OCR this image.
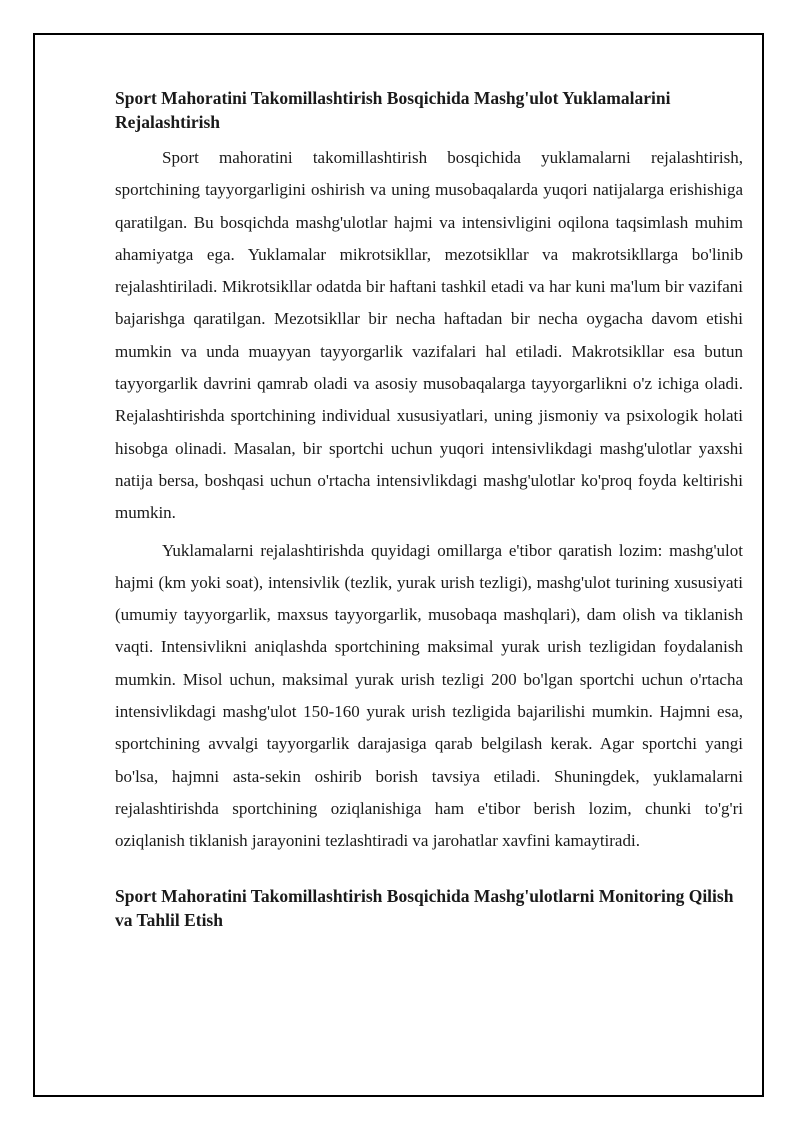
Sport Mahoratini Takomillashtirish Bosqichida Mashg'ulot Yuklamalarini Rejalashtirish

Sport mahoratini takomillashtirish bosqichida yuklamalarni rejalashtirish, sportchining tayyorgarligini oshirish va uning musobaqalarda yuqori natijalarga erishishiga qaratilgan. Bu bosqichda mashg'ulotlar hajmi va intensivligini oqilona taqsimlash muhim ahamiyatga ega. Yuklamalar mikrotsikllar, mezotsikllar va makrotsikllarga bo'linib rejalashtiriladi. Mikrotsikllar odatda bir haftani tashkil etadi va har kuni ma'lum bir vazifani bajarishga qaratilgan. Mezotsikllar bir necha haftadan bir necha oygacha davom etishi mumkin va unda muayyan tayyorgarlik vazifalari hal etiladi. Makrotsikllar esa butun tayyorgarlik davrini qamrab oladi va asosiy musobaqalarga tayyorgarlikni o'z ichiga oladi. Rejalashtirishda sportchining individual xususiyatlari, uning jismoniy va psixologik holati hisobga olinadi. Masalan, bir sportchi uchun yuqori intensivlikdagi mashg'ulotlar yaxshi natija bersa, boshqasi uchun o'rtacha intensivlikdagi mashg'ulotlar ko'proq foyda keltirishi mumkin.

Yuklamalarni rejalashtirishda quyidagi omillarga e'tibor qaratish lozim: mashg'ulot hajmi (km yoki soat), intensivlik (tezlik, yurak urish tezligi), mashg'ulot turining xususiyati (umumiy tayyorgarlik, maxsus tayyorgarlik, musobaqa mashqlari), dam olish va tiklanish vaqti. Intensivlikni aniqlashda sportchining maksimal yurak urish tezligidan foydalanish mumkin. Misol uchun, maksimal yurak urish tezligi 200 bo'lgan sportchi uchun o'rtacha intensivlikdagi mashg'ulot 150-160 yurak urish tezligida bajarilishi mumkin. Hajmni esa, sportchining avvalgi tayyorgarlik darajasiga qarab belgilash kerak. Agar sportchi yangi bo'lsa, hajmni asta-sekin oshirib borish tavsiya etiladi. Shuningdek, yuklamalarni rejalashtirishda sportchining oziqlanishiga ham e'tibor berish lozim, chunki to'g'ri oziqlanish tiklanish jarayonini tezlashtiradi va jarohatlar xavfini kamaytiradi.

Sport Mahoratini Takomillashtirish Bosqichida Mashg'ulotlarni Monitoring Qilish va Tahlil Etish
